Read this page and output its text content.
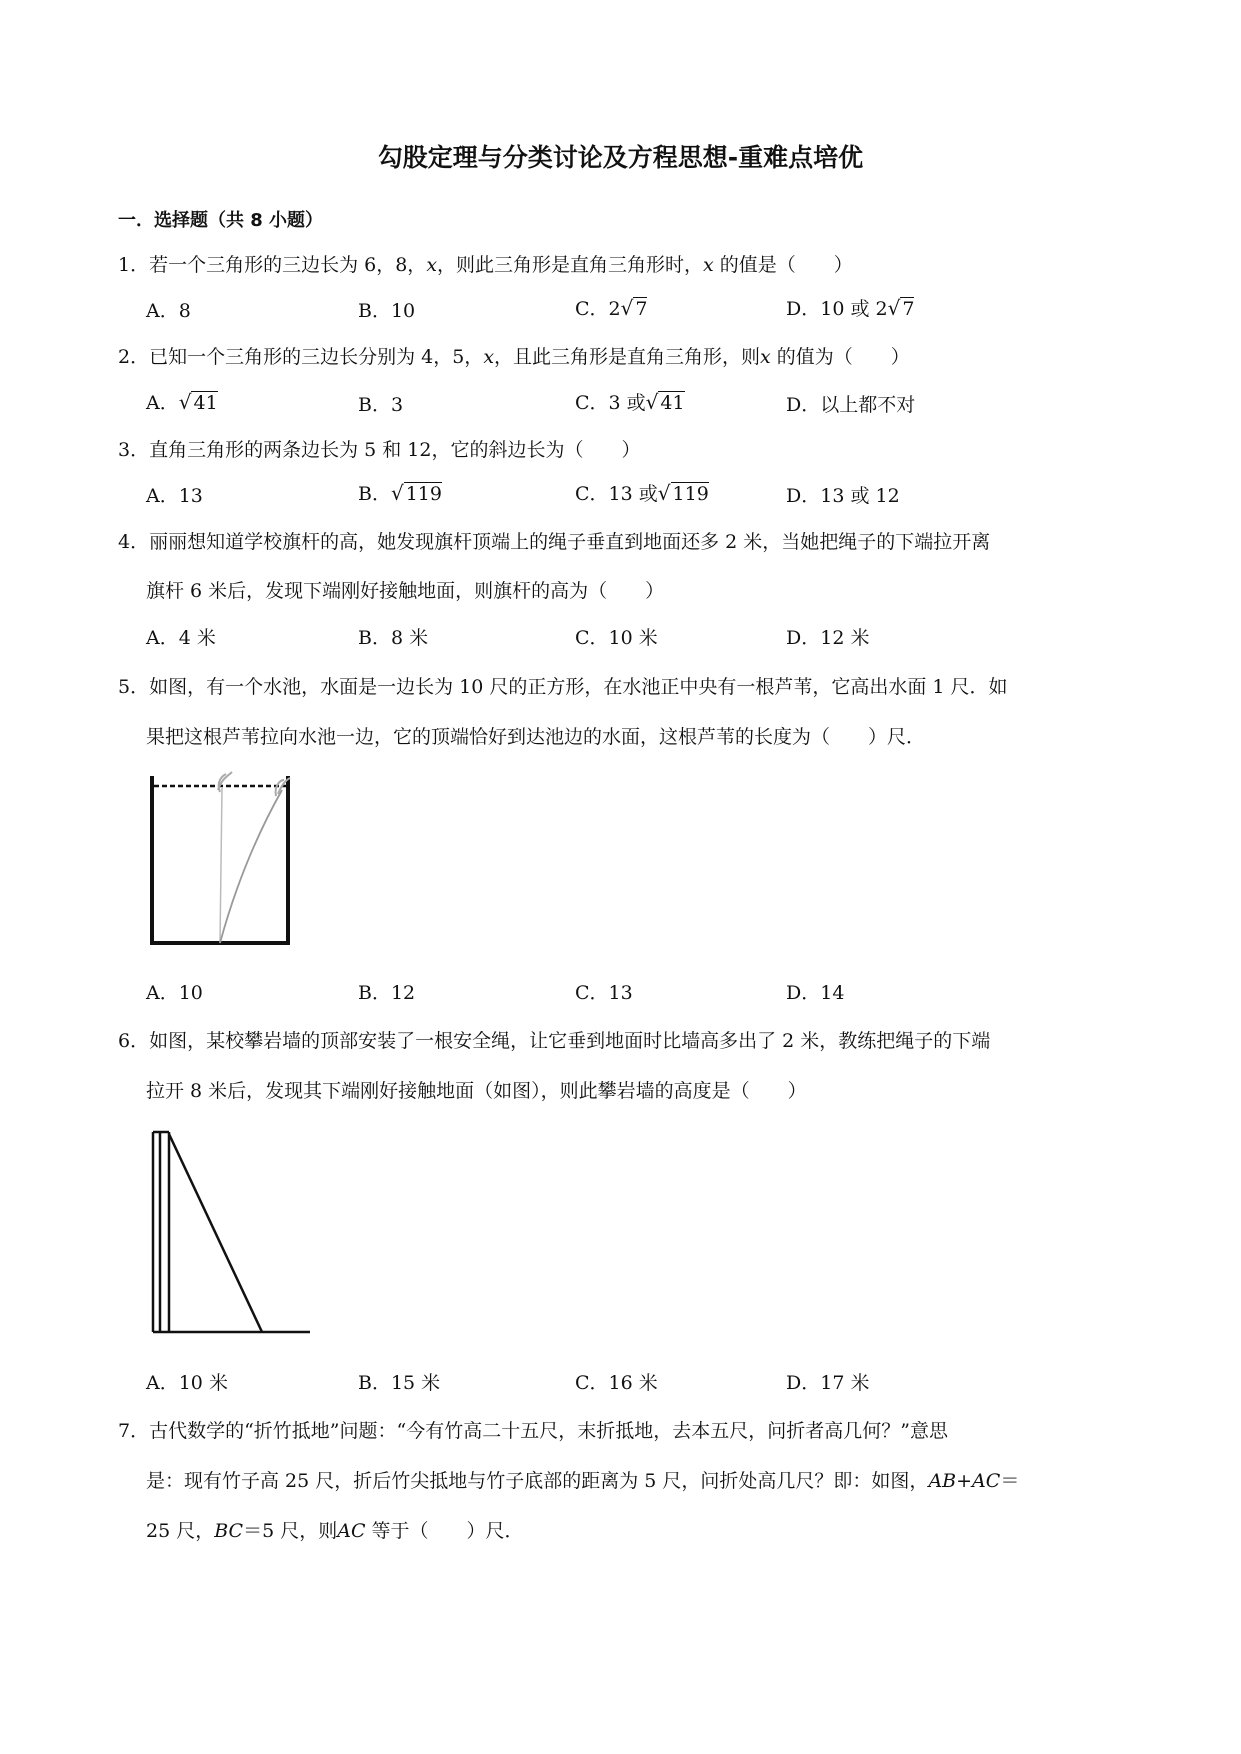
勾股定理与分类讨论及方程思想-重难点培优
一．选择题（共 8 小题）
1．若一个三角形的三边长为 6，8，x，则此三角形是直角三角形时，x 的值是（　　）
A．8	B．10	C．2√ 7	D．10 或 2√ 7
2．已知一个三角形的三边长分别为 4，5，x，且此三角形是直角三角形，则x 的值为（　　）
A．√ 41	B．3	C．3 或√ 41	D．以上都不对
3．直角三角形的两条边长为 5 和 12，它的斜边长为（　　）
A．13	B．√ 119	C．13 或√ 119	D．13 或 12
4．丽丽想知道学校旗杆的高，她发现旗杆顶端上的绳子垂直到地面还多 2 米，当她把绳子的下端拉开离
旗杆 6 米后，发现下端刚好接触地面，则旗杆的高为（　　）
A．4 米	B．8 米	C．10 米	D．12 米
5．如图，有一个水池，水面是一边长为 10 尺的正方形，在水池正中央有一根芦苇，它高出水面 1 尺．如
果把这根芦苇拉向水池一边，它的顶端恰好到达池边的水面，这根芦苇的长度为（　　）尺．
A．10	B．12	C．13	D．14
6．如图，某校攀岩墙的顶部安装了一根安全绳，让它垂到地面时比墙高多出了 2 米，教练把绳子的下端
拉开 8 米后，发现其下端刚好接触地面（如图），则此攀岩墙的高度是（　　）
A．10 米	B．15 米	C．16 米	D．17 米
7．古代数学的“折竹抵地”问题：“今有竹高二十五尺，末折抵地，去本五尺，问折者高几何？”意思
是：现有竹子高 25 尺，折后竹尖抵地与竹子底部的距离为 5 尺，问折处高几尺？即：如图，AB+AC＝
25 尺，BC＝5 尺，则AC 等于（　　）尺．
